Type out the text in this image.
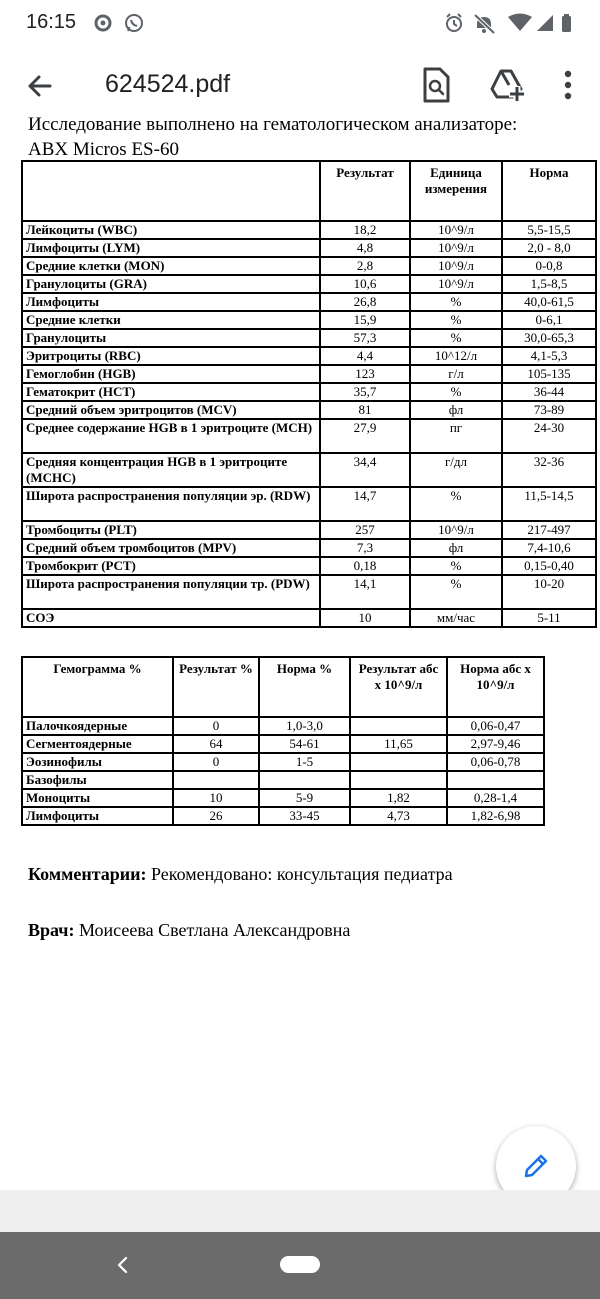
16:15
624524.pdf
Исследование выполнено на гематологическом анализаторе:
ABX Micros ES-60
	Результат	Единица измерения	Норма
Лейкоциты (WBC)	18,2	10^9/л	5,5-15,5
Лимфоциты (LYM)	4,8	10^9/л	2,0 - 8,0
Средние клетки (MON)	2,8	10^9/л	0-0,8
Гранулоциты (GRA)	10,6	10^9/л	1,5-8,5
Лимфоциты	26,8	%	40,0-61,5
Средние клетки	15,9	%	0-6,1
Гранулоциты	57,3	%	30,0-65,3
Эритроциты (RBC)	4,4	10^12/л	4,1-5,3
Гемоглобин (HGB)	123	г/л	105-135
Гематокрит (HCT)	35,7	%	36-44
Средний объем эритроцитов (MCV)	81	фл	73-89
Среднее содержание HGB в 1 эритроците (MCH)	27,9	пг	24-30
Средняя концентрация HGB в 1 эритроците (MCHC)	34,4	г/дл	32-36
Широта распространения популяции эр. (RDW)	14,7	%	11,5-14,5
Тромбоциты (PLT)	257	10^9/л	217-497
Средний объем тромбоцитов (MPV)	7,3	фл	7,4-10,6
Тромбокрит (PCT)	0,18	%	0,15-0,40
Широта распространения популяции тр. (PDW)	14,1	%	10-20
СОЭ	10	мм/час	5-11
Гемограмма %	Результат %	Норма %	Результат абс х 10^9/л	Норма абс х 10^9/л
Палочкоядерные	0	1,0-3,0		0,06-0,47
Сегментоядерные	64	54-61	11,65	2,97-9,46
Эозинофилы	0	1-5		0,06-0,78
Базофилы				
Моноциты	10	5-9	1,82	0,28-1,4
Лимфоциты	26	33-45	4,73	1,82-6,98
Комментарии: Рекомендовано: консультация педиатра
Врач: Моисеева Светлана Александровна
